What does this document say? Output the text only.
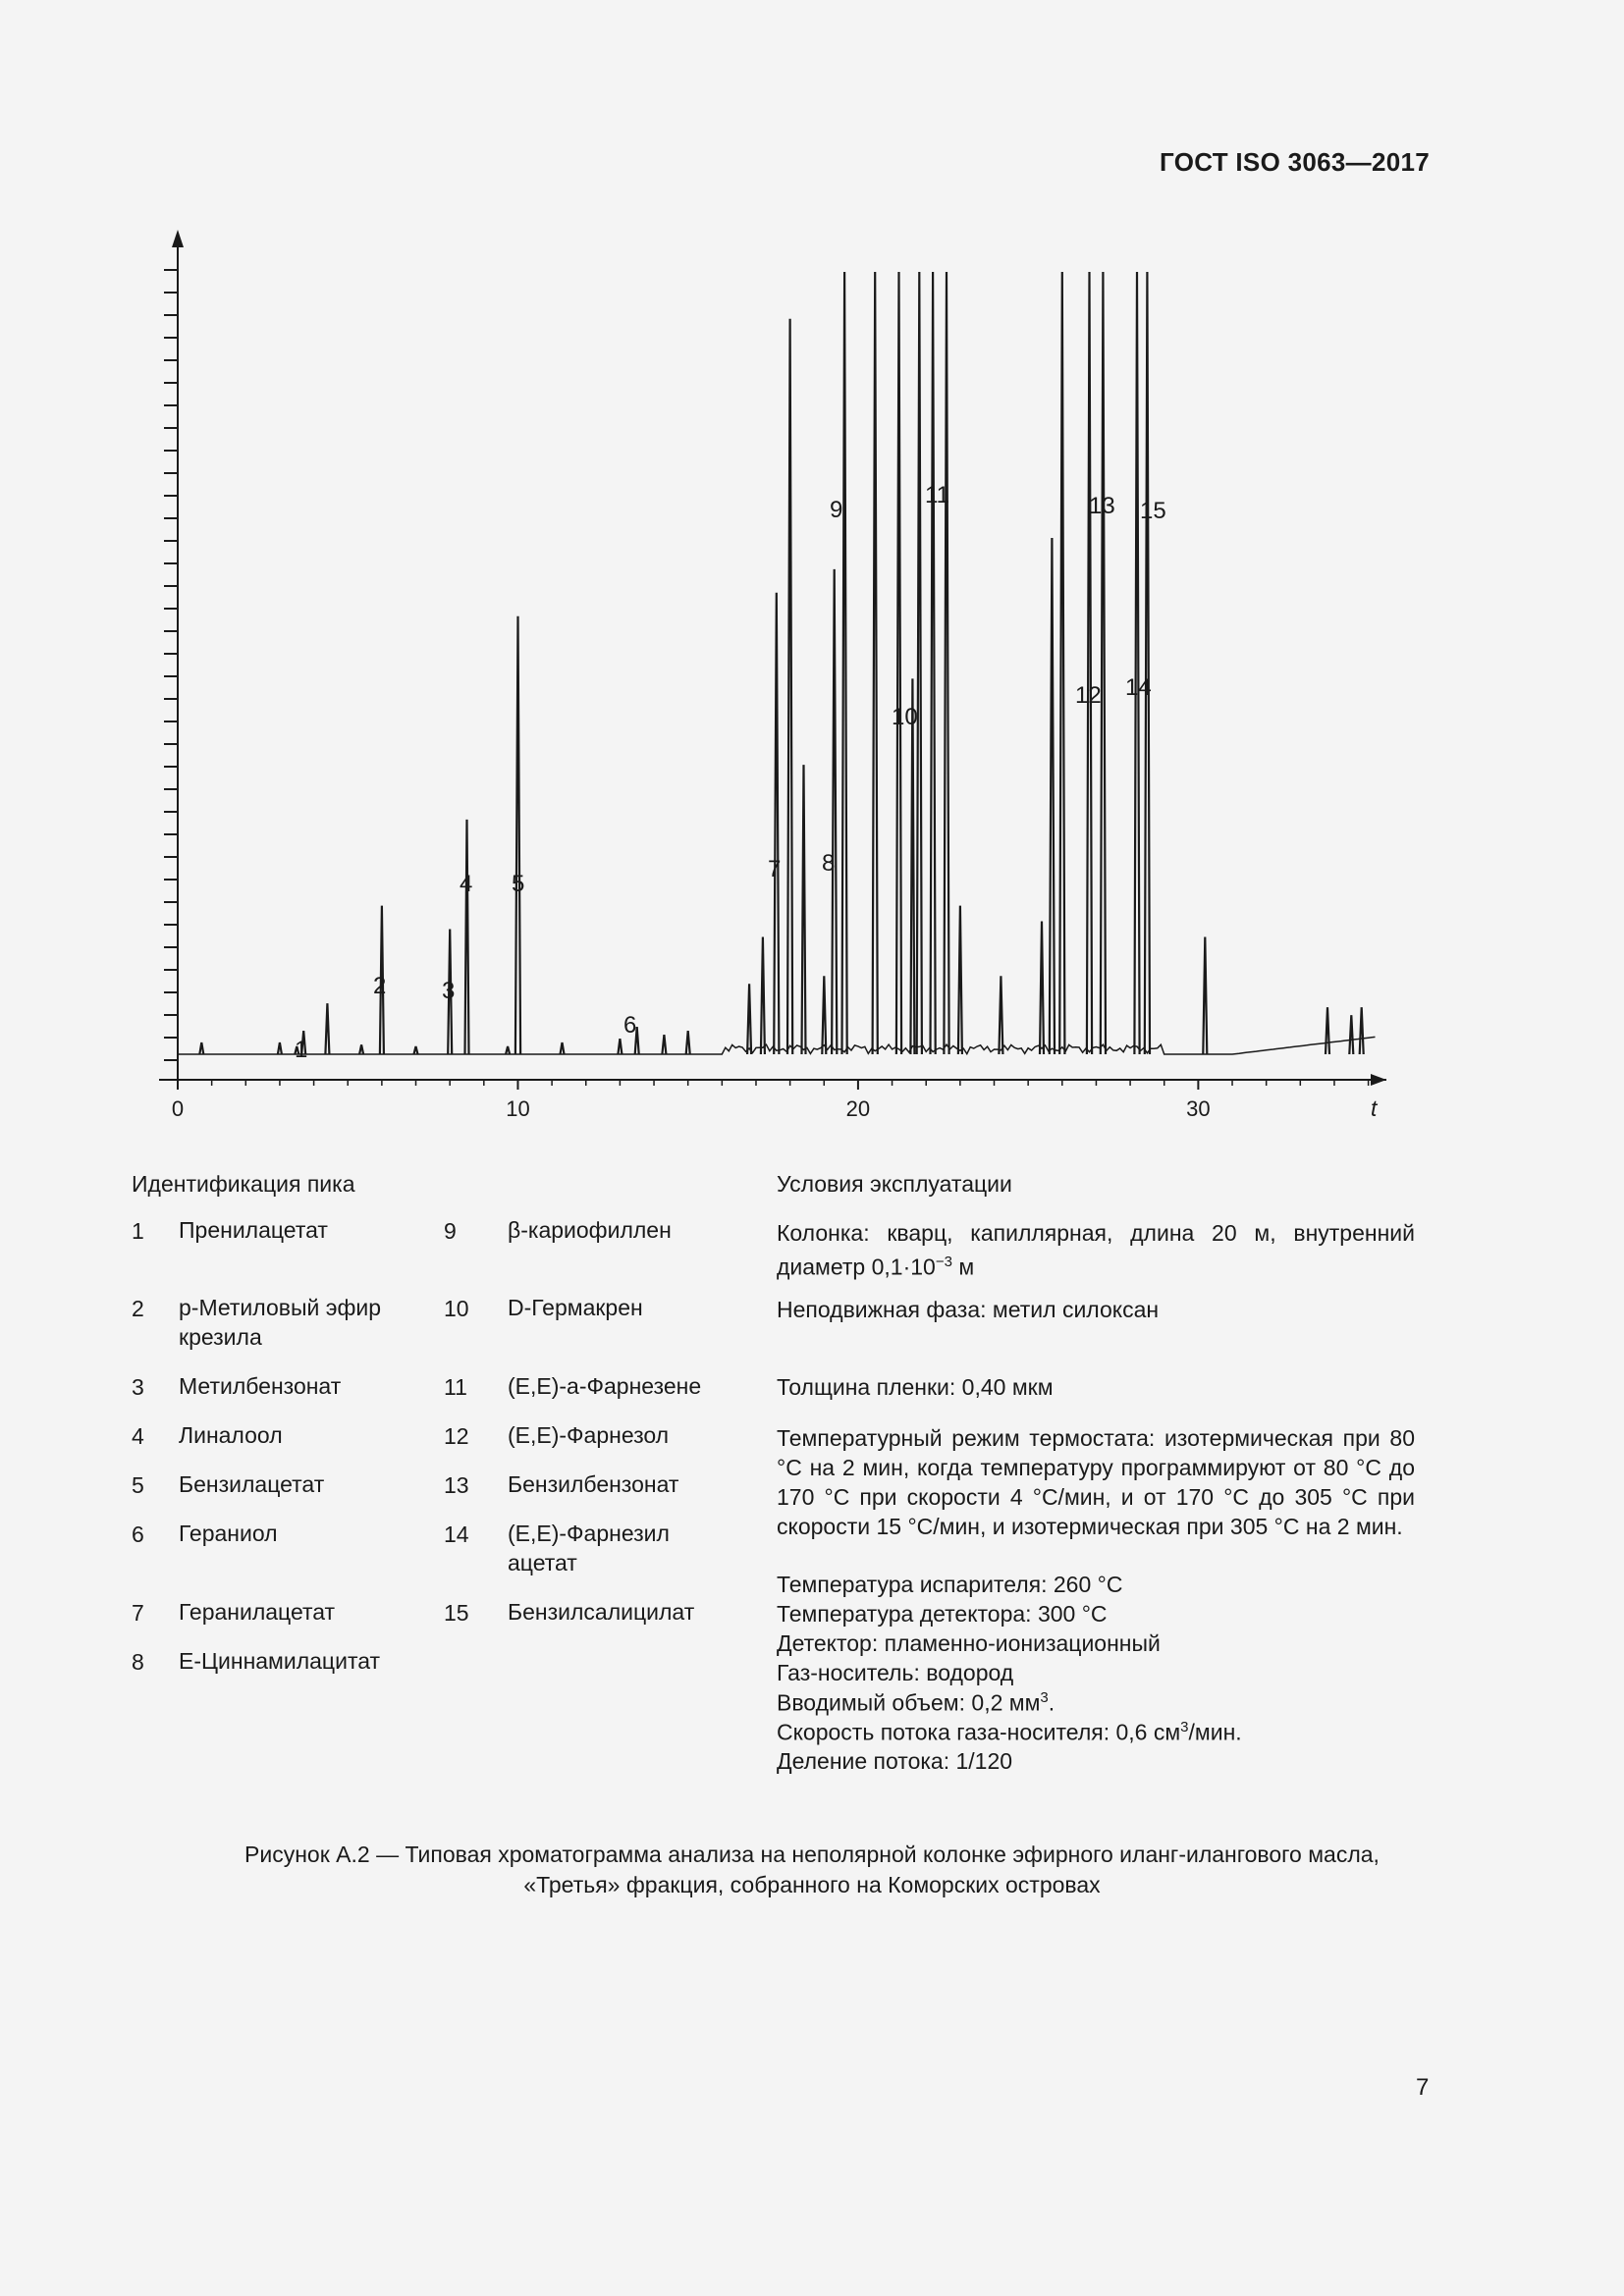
ГОСТ ISO 3063—2017
0	10	20	30	t
1
2 3
4 5
6
7 8
9
10
11
12
13
14
15
Идентификация пика
1 Пренилацетат
2 р-Метиловый эфир крезила
3 Метилбензонат
4 Линалоол
5 Бензилацетат
6 Гераниол
7 Геранилацетат
8 Е-Циннамилацитат
9 β-кариофиллен
10 D-Гермакрен
11 (Е,Е)-а-Фарнезене
12 (Е,Е)-Фарнезол
13 Бензилбензонат
14 (Е,Е)-Фарнезил ацетат
15 Бензилсалицилат
Условия эксплуатации
Колонка: кварц, капиллярная, длина 20 м, внутренний диаметр $0,1\cdot 10^{-3}$ м
Неподвижная фаза: метил силоксан
Толщина пленки: 0,40 мкм
Температурный режим термостата: изотермическая при 80 °С на 2 мин, когда температуру программируют от 80 °С до 170 °С при скорости 4 °С/мин, и от 170 °С до 305 °С при скорости 15 °С/мин, и изотермическая при 305 °С на 2 мин.
Температура испарителя: 260 °С
Температура детектора: 300 °С
Детектор: пламенно-ионизационный
Газ-носитель: водород
Вводимый объем: 0,2 $мм^3$.
Скорость потока газа-носителя: 0,6 $см^3$/мин.
Деление потока: 1/120
Рисунок А.2 — Типовая хроматограмма анализа на неполярной колонке эфирного иланг-илангового масла,
«Третья» фракция, собранного на Коморских островах
7
